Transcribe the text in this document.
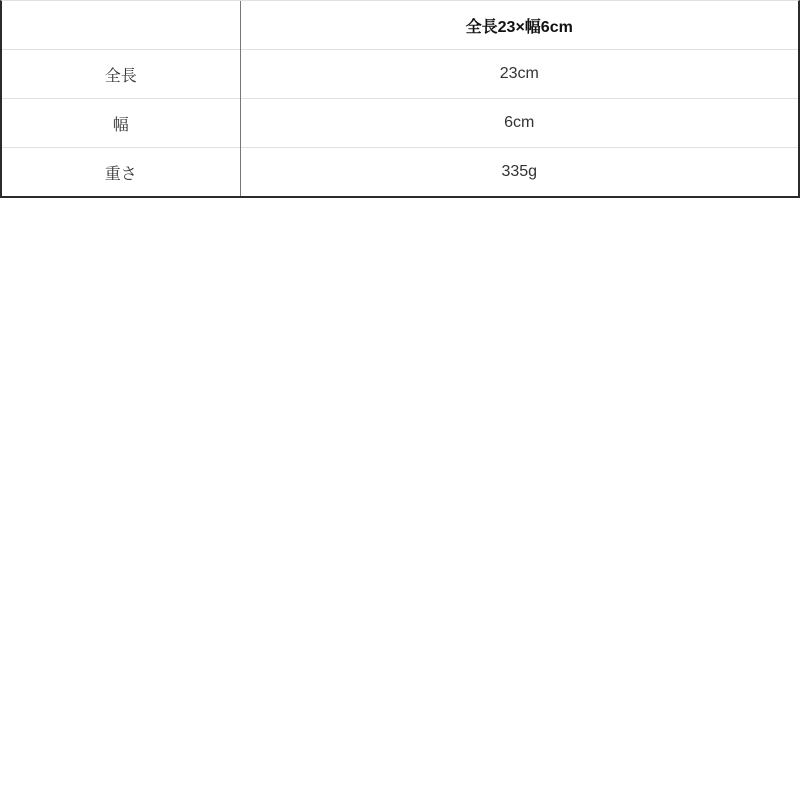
	全長23×幅6cm
全長	23cm
幅	6cm
重さ	335g
